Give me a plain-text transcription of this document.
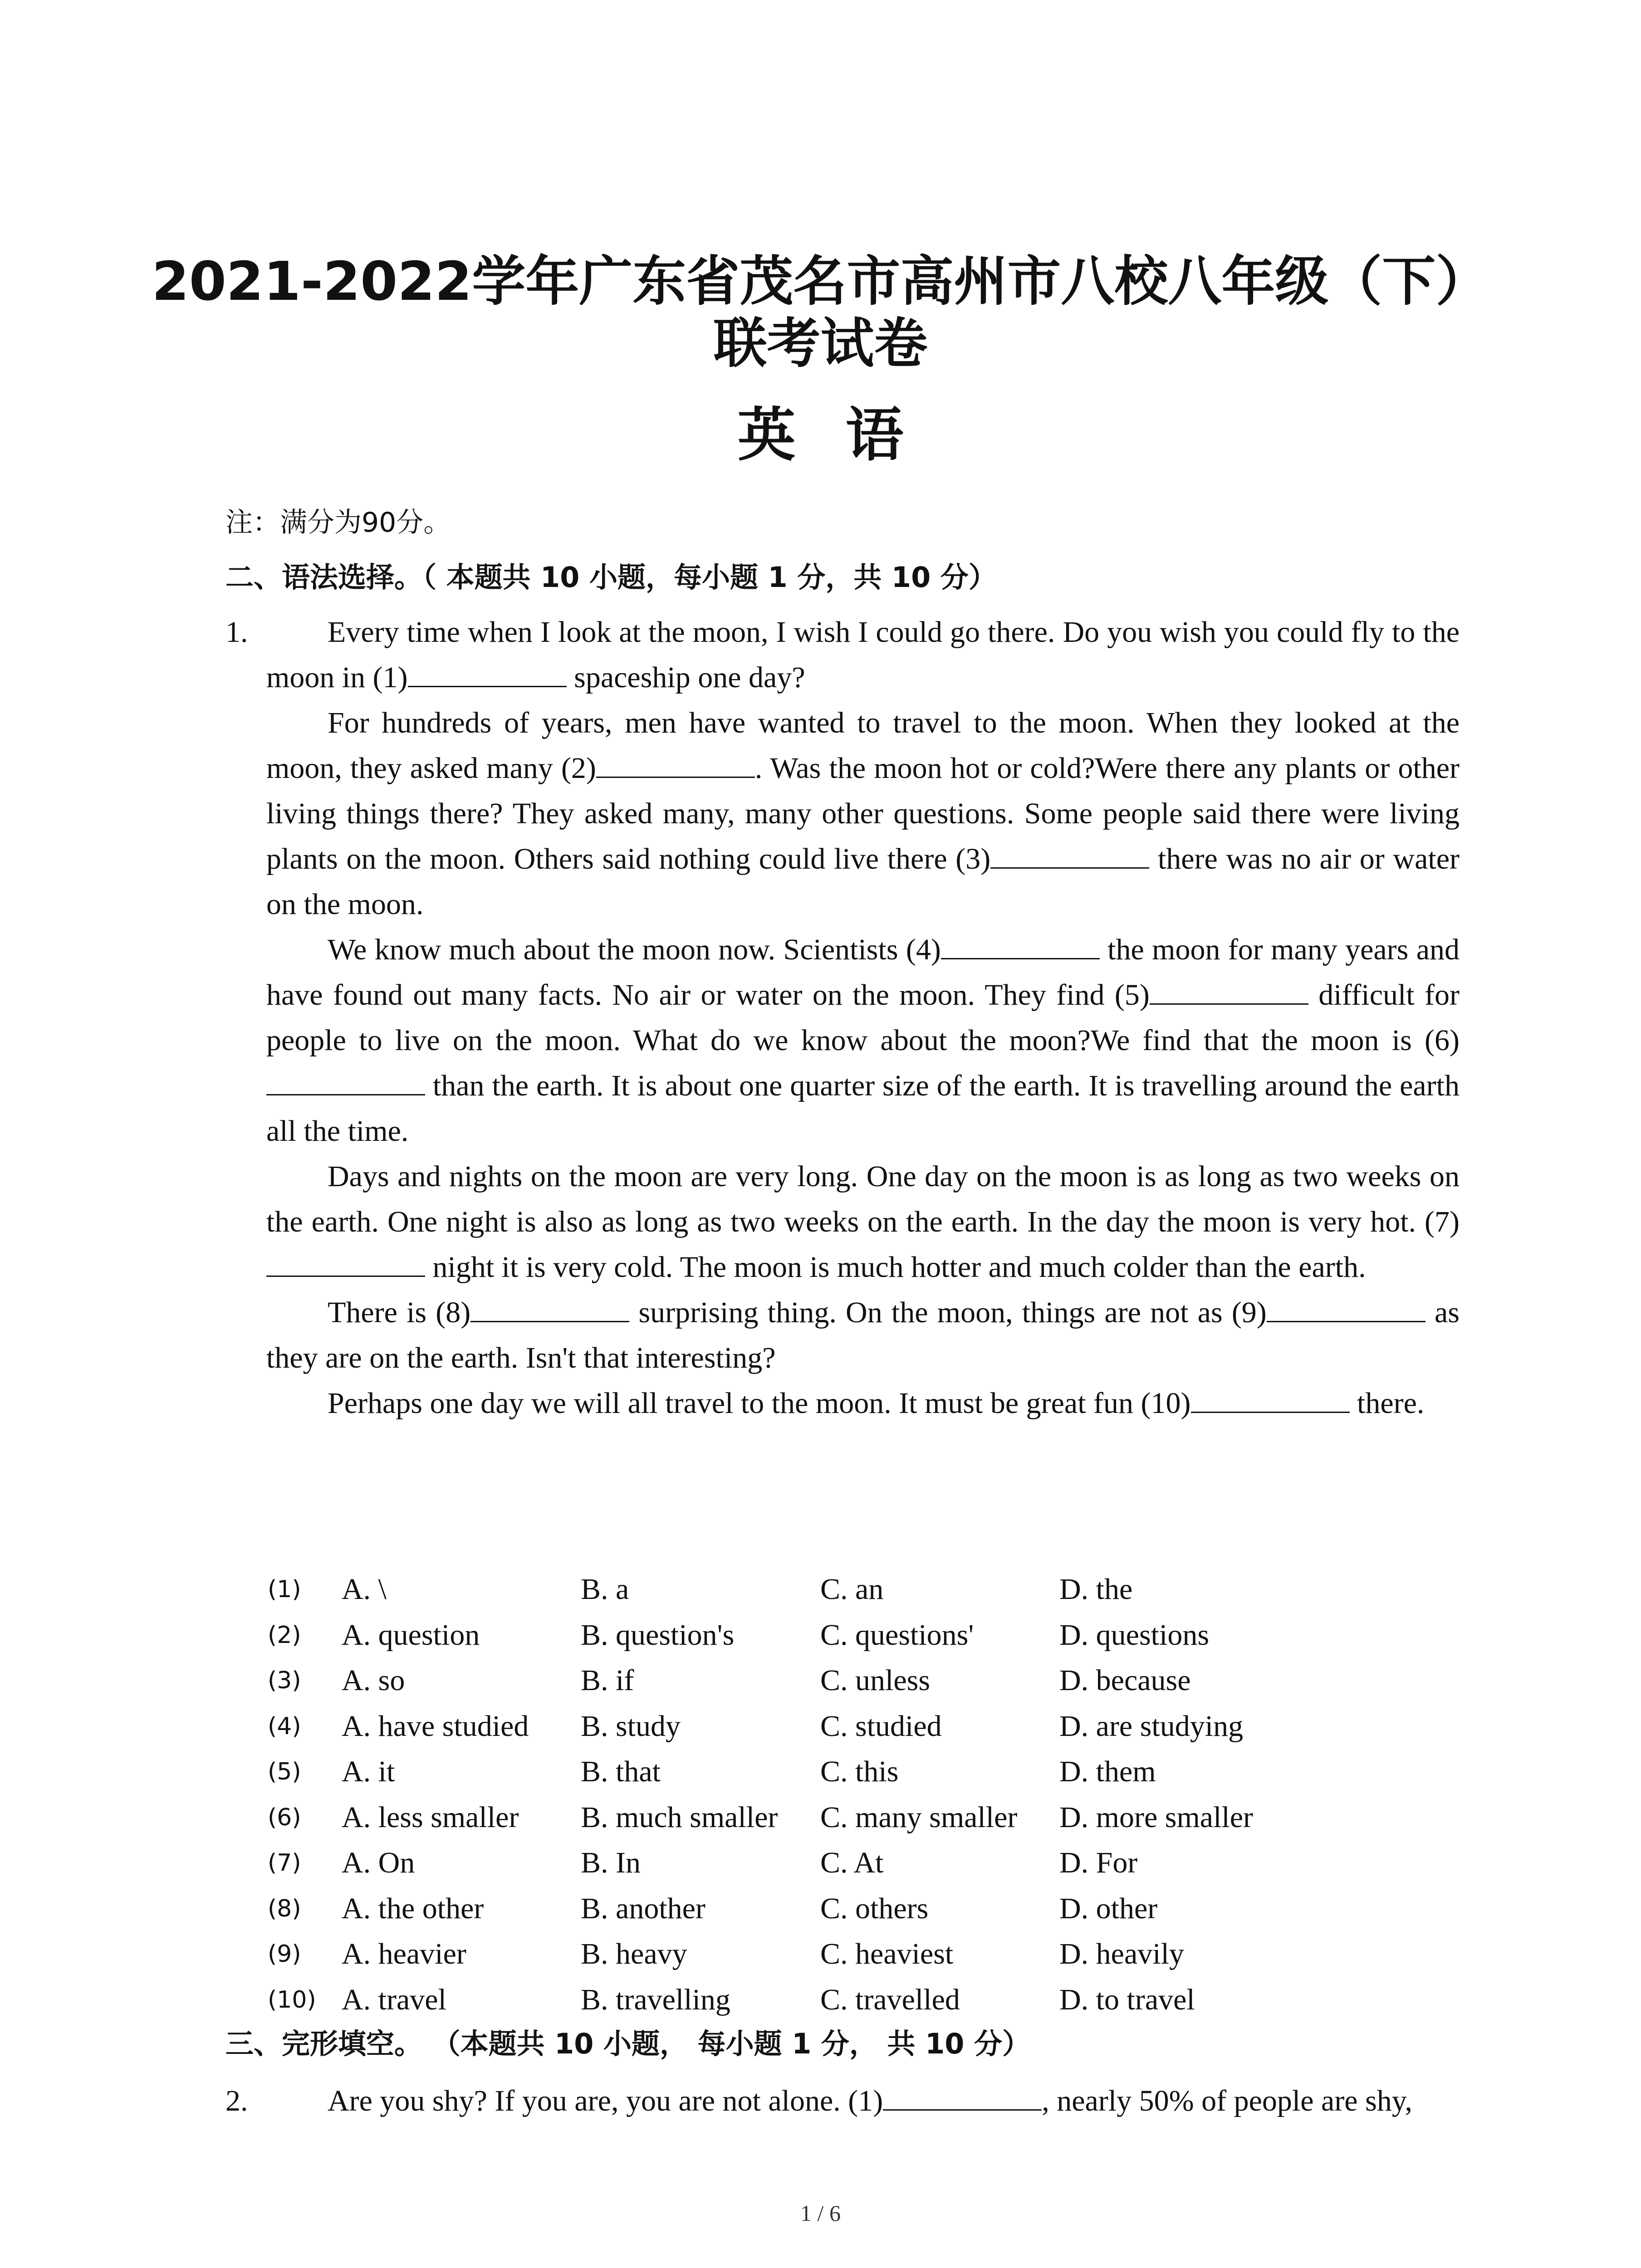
2021-2022学年广东省茂名市高州市八校八年级（下）
联考试卷
英语
注：满分为90分。
二、语法选择。（ 本题共 10 小题，每小题 1 分，共 10 分）
1.	Every time when I look at the moon, I wish I could go there. Do you wish you could fly to the moon in (1)	spaceship one day?

For hundreds of years, men have wanted to travel to the moon. When they looked at the moon, they asked many (2)	. Was the moon hot or cold?Were there any plants or other living things there? They asked many, many other questions. Some people said there were living plants on the moon. Others said nothing could live there (3)	there was no air or water on the moon.

We know much about the moon now. Scientists (4)	the moon for many years and have found out many facts. No air or water on the moon. They find (5)	difficult for people to live on the moon. What do we know about the moon?We find that the moon is (6) than the earth. It is about one quarter size of the earth. It is travelling around the earth all the time.

Days and nights on the moon are very long. One day on the moon is as long as two weeks on the earth. One night is also as long as two weeks on the earth. In the day the moon is very hot. (7) night it is very cold. The moon is much hotter and much colder than the earth.

There is (8)	surprising thing. On the moon, things are not as (9)	as they are on the earth. Isn't that interesting?

Perhaps one day we will all travel to the moon. It must be great fun (10)	there.

(1) A. \	B. a	C. an	D. the
(2) A. question	B. question's	C. questions'	D. questions
(3) A. so	B. if	C. unless	D. because
(4) A. have studied B. study	C. studied	D. are studying
(5) A. it	B. that	C. this	D. them
(6) A. less smaller B. much smaller C. many smaller D. more smaller
(7) A. On	B. In	C. At	D. For
(8) A. the other	B. another	C. others	D. other
(9) A. heavier	B. heavy	C. heaviest	D. heavily
(10) A. travel	B. travelling	C. travelled	D. to travel
三、完形填空。 （本题共 10 小题， 每小题 1 分， 共 10 分）
2.	Are you shy? If you are, you are not alone. (1)	, nearly 50% of people are shy,

1 / 6
